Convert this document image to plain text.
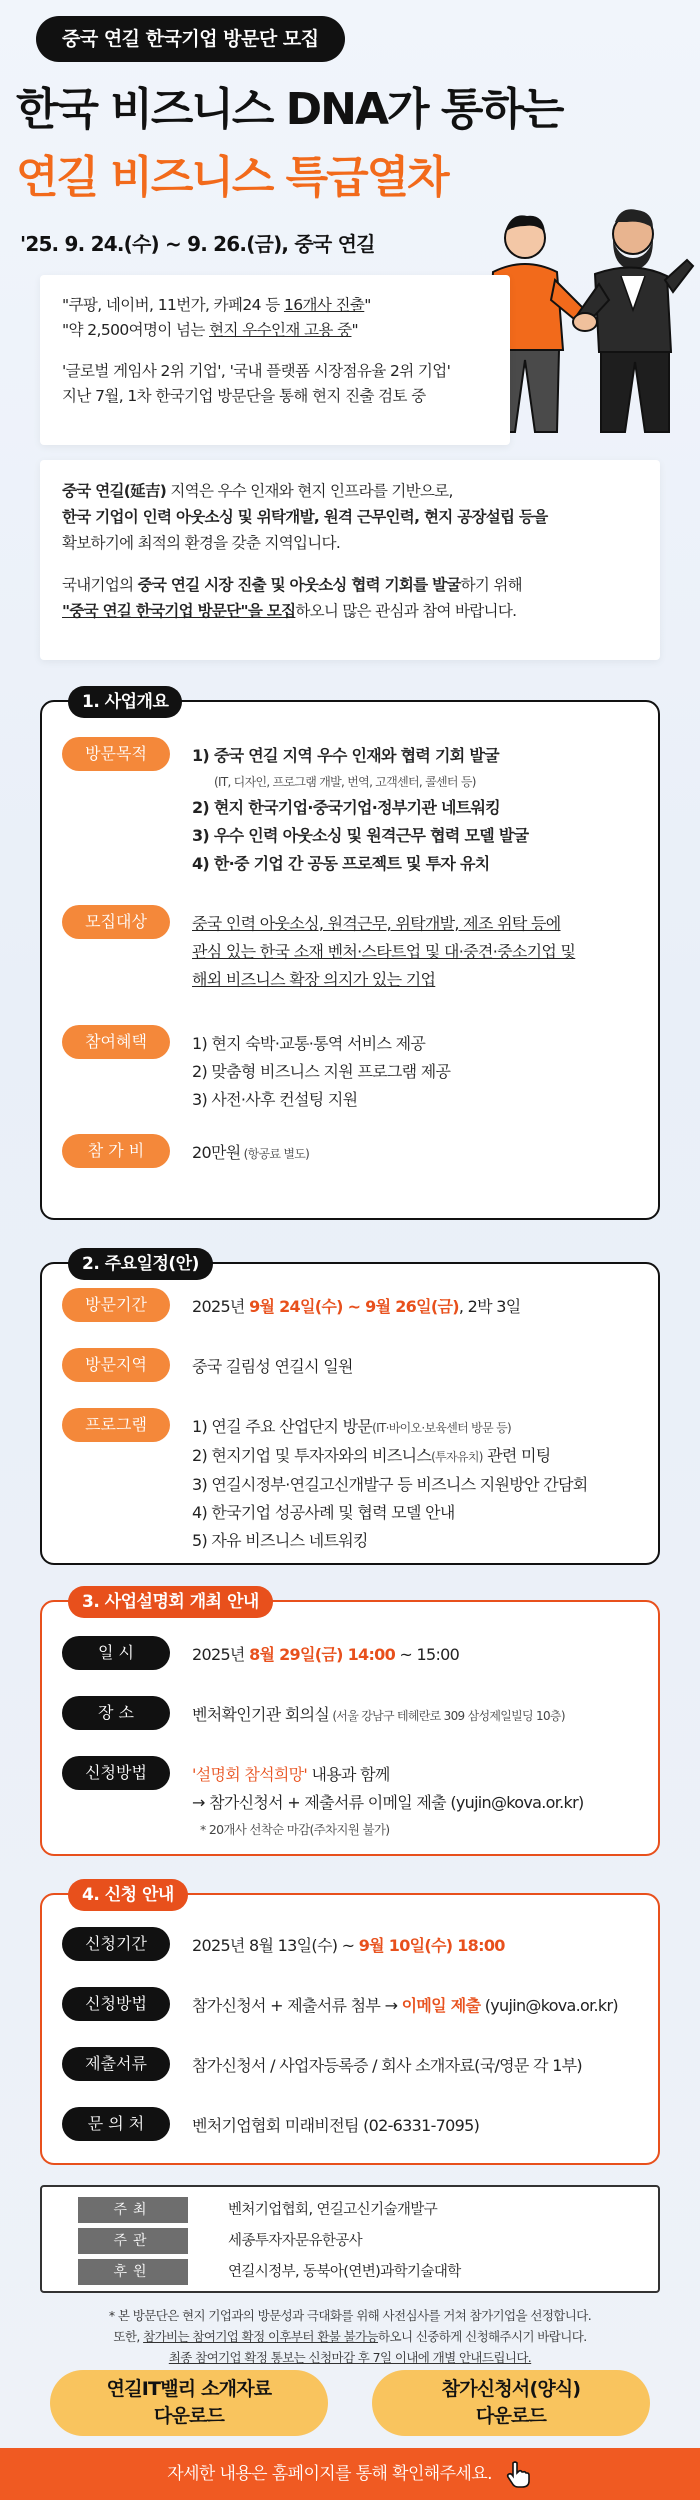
중국 연길 한국기업 방문단 모집
한국 비즈니스 DNA가 통하는
연길 비즈니스 특급열차
'25. 9. 24.(수) ~ 9. 26.(금), 중국 연길
"쿠팡, 네이버, 11번가, 카페24 등 16개사 진출"
"약 2,500여명이 넘는 현지 우수인재 고용 중"
'글로벌 게임사 2위 기업', '국내 플랫폼 시장점유율 2위 기업'
지난 7월, 1차 한국기업 방문단을 통해 현지 진출 검토 중
중국 연길(延吉) 지역은 우수 인재와 현지 인프라를 기반으로,
한국 기업이 인력 아웃소싱 및 위탁개발, 원격 근무인력, 현지 공장설립 등을
확보하기에 최적의 환경을 갖춘 지역입니다.
국내기업의 중국 연길 시장 진출 및 아웃소싱 협력 기회를 발굴하기 위해
"중국 연길 한국기업 방문단"을 모집하오니 많은 관심과 참여 바랍니다.
1. 사업개요
방문목적	1) 중국 연길 지역 우수 인재와 협력 기회 발굴
(IT, 디자인, 프로그램 개발, 번역, 고객센터, 콜센터 등)
2) 현지 한국기업·중국기업·정부기관 네트워킹
3) 우수 인력 아웃소싱 및 원격근무 협력 모델 발굴
4) 한·중 기업 간 공동 프로젝트 및 투자 유치
모집대상	중국 인력 아웃소싱, 원격근무, 위탁개발, 제조 위탁 등에
관심 있는 한국 소재 벤처·스타트업 및 대·중견·중소기업 및
해외 비즈니스 확장 의지가 있는 기업
참여혜택	1) 현지 숙박·교통·통역 서비스 제공
2) 맞춤형 비즈니스 지원 프로그램 제공
3) 사전·사후 컨설팅 지원
참 가 비	20만원 (항공료 별도)
2. 주요일정(안)
방문기간	2025년 9월 24일(수) ~ 9월 26일(금), 2박 3일
방문지역	중국 길림성 연길시 일원
프로그램	1) 연길 주요 산업단지 방문(IT·바이오·보육센터 방문 등)
2) 현지기업 및 투자자와의 비즈니스(투자유치) 관련 미팅
3) 연길시정부·연길고신개발구 등 비즈니스 지원방안 간담회
4) 한국기업 성공사례 및 협력 모델 안내
5) 자유 비즈니스 네트워킹
3. 사업설명회 개최 안내
일 시	2025년 8월 29일(금) 14:00 ~ 15:00
장 소	벤처확인기관 회의실 (서울 강남구 테헤란로 309 삼성제일빌딩 10층)
신청방법	'설명회 참석희망' 내용과 함께
→ 참가신청서 + 제출서류 이메일 제출 (yujin@kova.or.kr)
* 20개사 선착순 마감(주차지원 불가)
4. 신청 안내
신청기간	2025년 8월 13일(수) ~ 9월 10일(수) 18:00
신청방법	참가신청서 + 제출서류 첨부 → 이메일 제출 (yujin@kova.or.kr)
제출서류	참가신청서 / 사업자등록증 / 회사 소개자료(국/영문 각 1부)
문 의 처	벤처기업협회 미래비전팀 (02-6331-7095)
주최	벤처기업협회, 연길고신기술개발구
주관	세종투자자문유한공사
후원	연길시정부, 동북아(연변)과학기술대학
* 본 방문단은 현지 기업과의 방문성과 극대화를 위해 사전심사를 거쳐 참가기업을 선정합니다.
또한, 참가비는 참여기업 확정 이후부터 환불 불가능하오니 신중하게 신청해주시기 바랍니다.
최종 참여기업 확정 통보는 신청마감 후 7일 이내에 개별 안내드립니다.
연길IT밸리 소개자료
다운로드
참가신청서(양식)
다운로드
자세한 내용은 홈페이지를 통해 확인해주세요.
